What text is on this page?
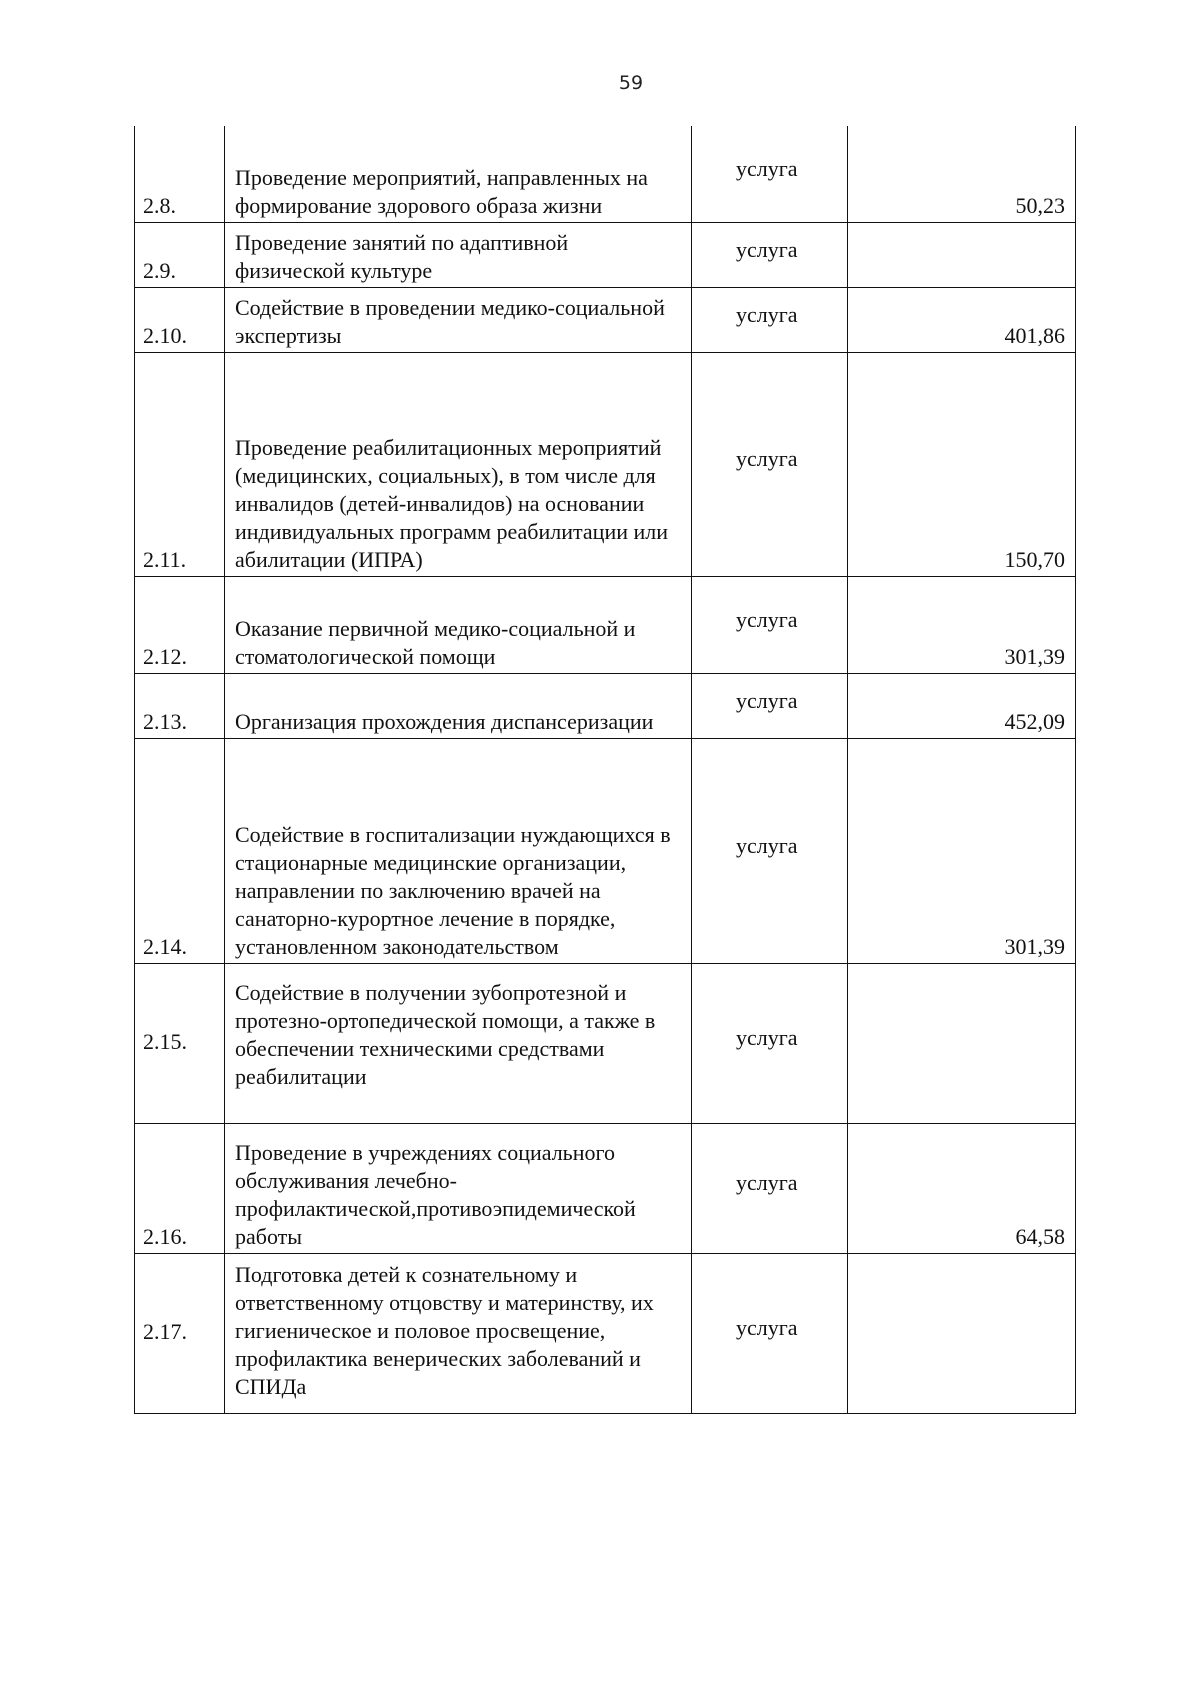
59
2.8.	Проведение мероприятий, направленных на формирование здорового образа жизни	услуга	50,23
2.9.	Проведение занятий по адаптивной физической культуре	услуга	
2.10.	Содействие в проведении медико-социальной экспертизы	услуга	401,86
2.11.	Проведение реабилитационных мероприятий (медицинских, социальных), в том числе для инвалидов (детей-инвалидов) на основании индивидуальных программ реабилитации или абилитации (ИПРА)	услуга	150,70
2.12.	Оказание первичной медико-социальной и стоматологической помощи	услуга	301,39
2.13.	Организация прохождения диспансеризации	услуга	452,09
2.14.	Содействие в госпитализации нуждающихся в стационарные медицинские организации, направлении по заключению врачей на санаторно-курортное лечение в порядке, установленном законодательством	услуга	301,39
2.15.	Содействие в получении зубопротезной и протезно-ортопедической помощи, а также в обеспечении техническими средствами реабилитации	услуга	
2.16.	Проведение в учреждениях социального обслуживания лечебно-профилактической,противоэпидемической работы	услуга	64,58
2.17.	Подготовка детей к сознательному и ответственному отцовству и материнству, их гигиеническое и половое просвещение, профилактика венерических заболеваний и СПИДа	услуга	
